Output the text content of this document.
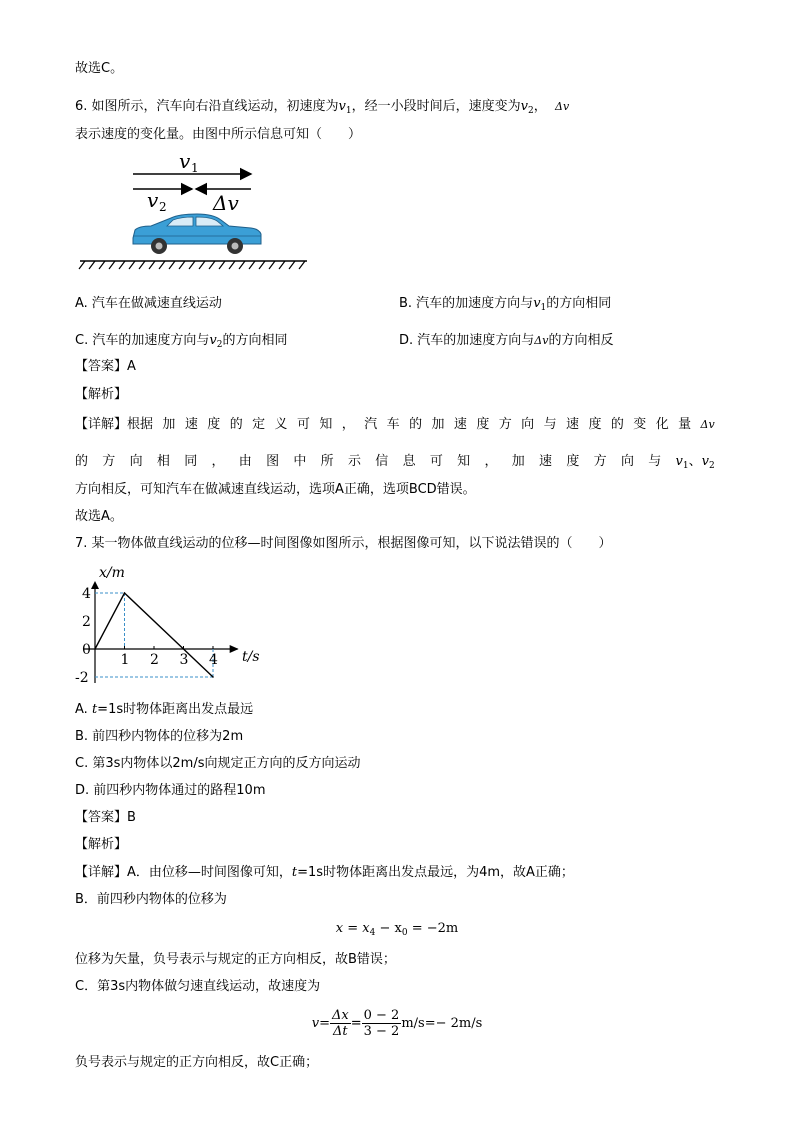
故选C。
6. 如图所示，汽车向右沿直线运动，初速度为$v_1$，经一小段时间后，速度变为$v_2$， Δv
表示速度的变化量。由图中所示信息可知（　　）
v 1
v 2 Δv
A. 汽车在做减速直线运动	B. 汽车的加速度方向与$v_1$的方向相同
C. 汽车的加速度方向与$v_2$的方向相同	D. 汽车的加速度方向与Δv的方向相反
【答案】A
【解析】
【详解】根据 加 速 度 的 定 义 可 知 ， 汽 车 的 加 速 度 方 向 与 速 度 的 变 化 量 Δv
的 方 向 相 同 ， 由 图 中 所 示 信 息 可 知 ， 加 速 度 方 向 与 $v_1$、$v_2$
方向相反，可知汽车在做减速直线运动，选项A正确，选项BCD错误。
故选A。
7. 某一物体做直线运动的位移—时间图像如图所示，根据图像可知，以下说法错误的（　　）
1 2 3 4
4
2
0
-2
x/m
t/s
A. t=1s时物体距离出发点最远
B. 前四秒内物体的位移为2m
C. 第3s内物体以2m/s向规定正方向的反方向运动
D. 前四秒内物体通过的路程10m
【答案】B
【解析】
【详解】A．由位移—时间图像可知，t=1s时物体距离出发点最远，为4m，故A正确；
B．前四秒内物体的位移为
$x = x_4 - x_0 = -2m$
位移为矢量，负号表示与规定的正方向相反，故B错误；
C．第3s内物体做匀速直线运动，故速度为
$v= \frac{\Delta x}{\Delta t} = \frac{0 - 2}{3 - 2} m/s=- 2m/s$
负号表示与规定的正方向相反，故C正确；
